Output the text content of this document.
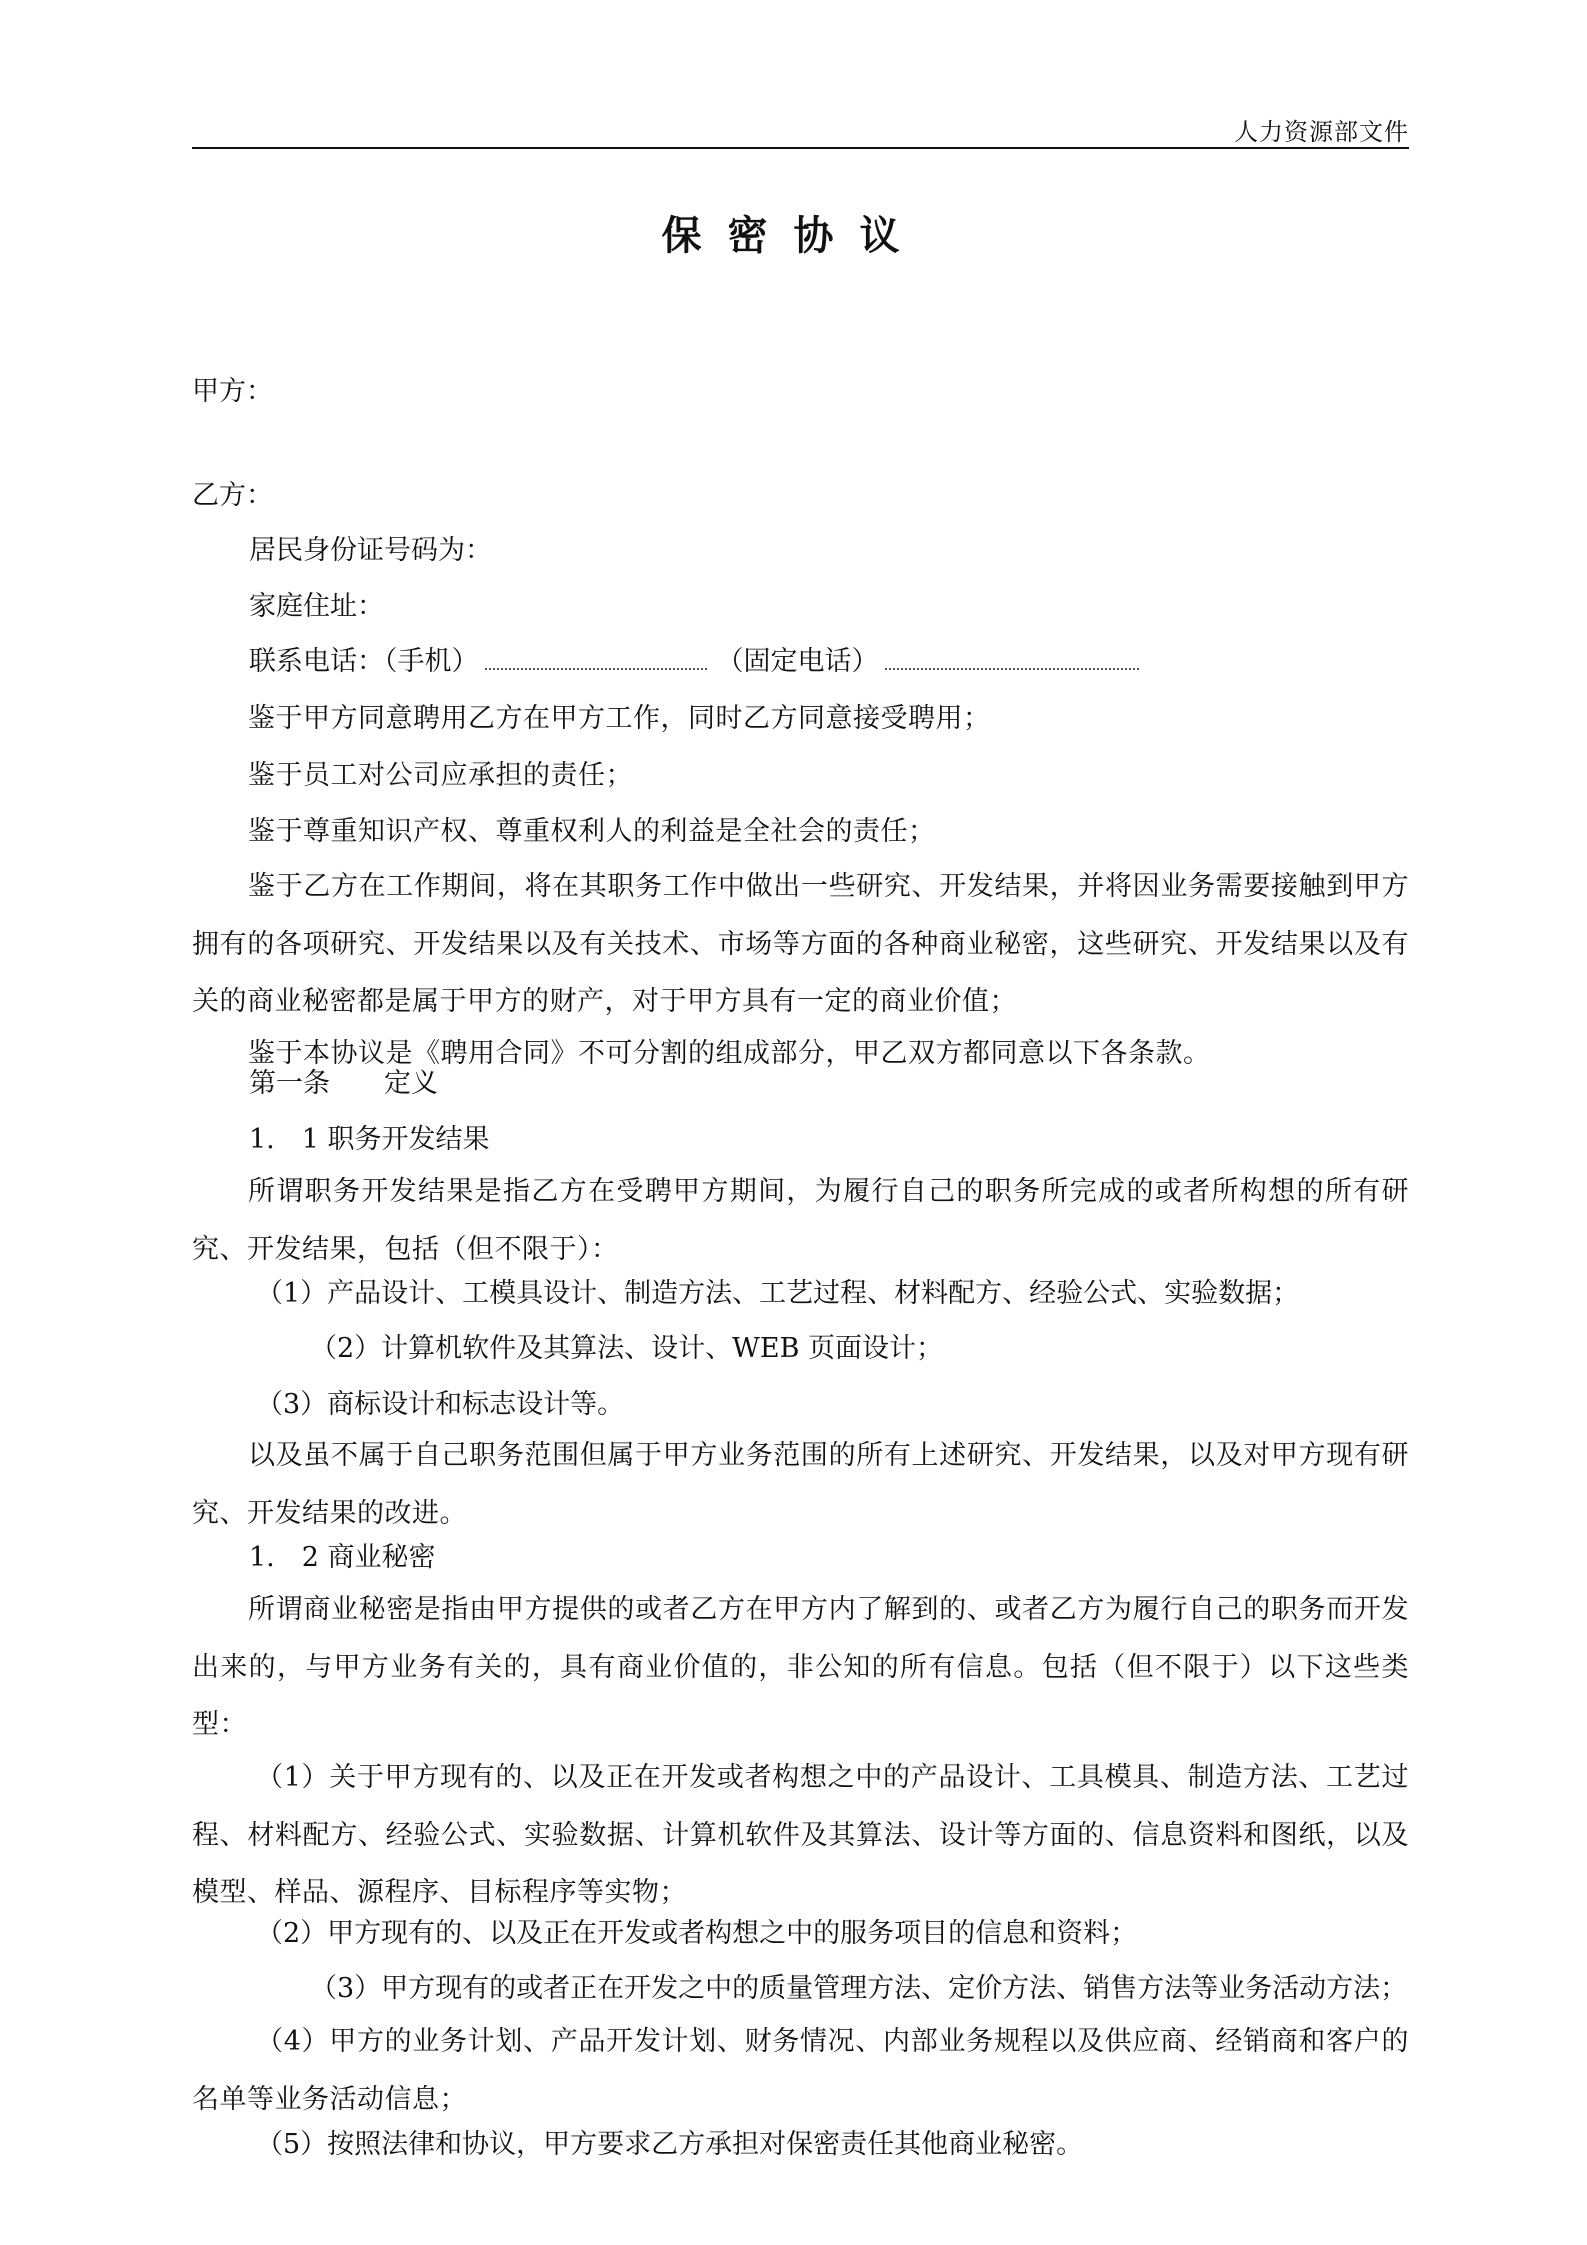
人力资源部文件
保密协议
甲方：
乙方：
居民身份证号码为：
家庭住址：
联系电话：（手机）	（固定电话）
鉴于甲方同意聘用乙方在甲方工作，同时乙方同意接受聘用；
鉴于员工对公司应承担的责任；
鉴于尊重知识产权、尊重权利人的利益是全社会的责任；
鉴于乙方在工作期间，将在其职务工作中做出一些研究、开发结果，并将因业务需要接触到甲方拥有的各项研究、开发结果以及有关技术、市场等方面的各种商业秘密，这些研究、开发结果以及有关的商业秘密都是属于甲方的财产，对于甲方具有一定的商业价值；
鉴于本协议是《聘用合同》不可分割的组成部分，甲乙双方都同意以下各条款。
第一条 定义
1.　1 职务开发结果
所谓职务开发结果是指乙方在受聘甲方期间，为履行自己的职务所完成的或者所构想的所有研究、开发结果，包括（但不限于）：
（1）产品设计、工模具设计、制造方法、工艺过程、材料配方、经验公式、实验数据；
（2）计算机软件及其算法、设计、WEB 页面设计；
（3）商标设计和标志设计等。
以及虽不属于自己职务范围但属于甲方业务范围的所有上述研究、开发结果，以及对甲方现有研究、开发结果的改进。
1.　2 商业秘密
所谓商业秘密是指由甲方提供的或者乙方在甲方内了解到的、或者乙方为履行自己的职务而开发出来的，与甲方业务有关的，具有商业价值的，非公知的所有信息。包括（但不限于）以下这些类型：
（1）关于甲方现有的、以及正在开发或者构想之中的产品设计、工具模具、制造方法、工艺过程、材料配方、经验公式、实验数据、计算机软件及其算法、设计等方面的、信息资料和图纸，以及模型、样品、源程序、目标程序等实物；
（2）甲方现有的、以及正在开发或者构想之中的服务项目的信息和资料；
（3）甲方现有的或者正在开发之中的质量管理方法、定价方法、销售方法等业务活动方法；
（4）甲方的业务计划、产品开发计划、财务情况、内部业务规程以及供应商、经销商和客户的名单等业务活动信息；
（5）按照法律和协议，甲方要求乙方承担对保密责任其他商业秘密。
